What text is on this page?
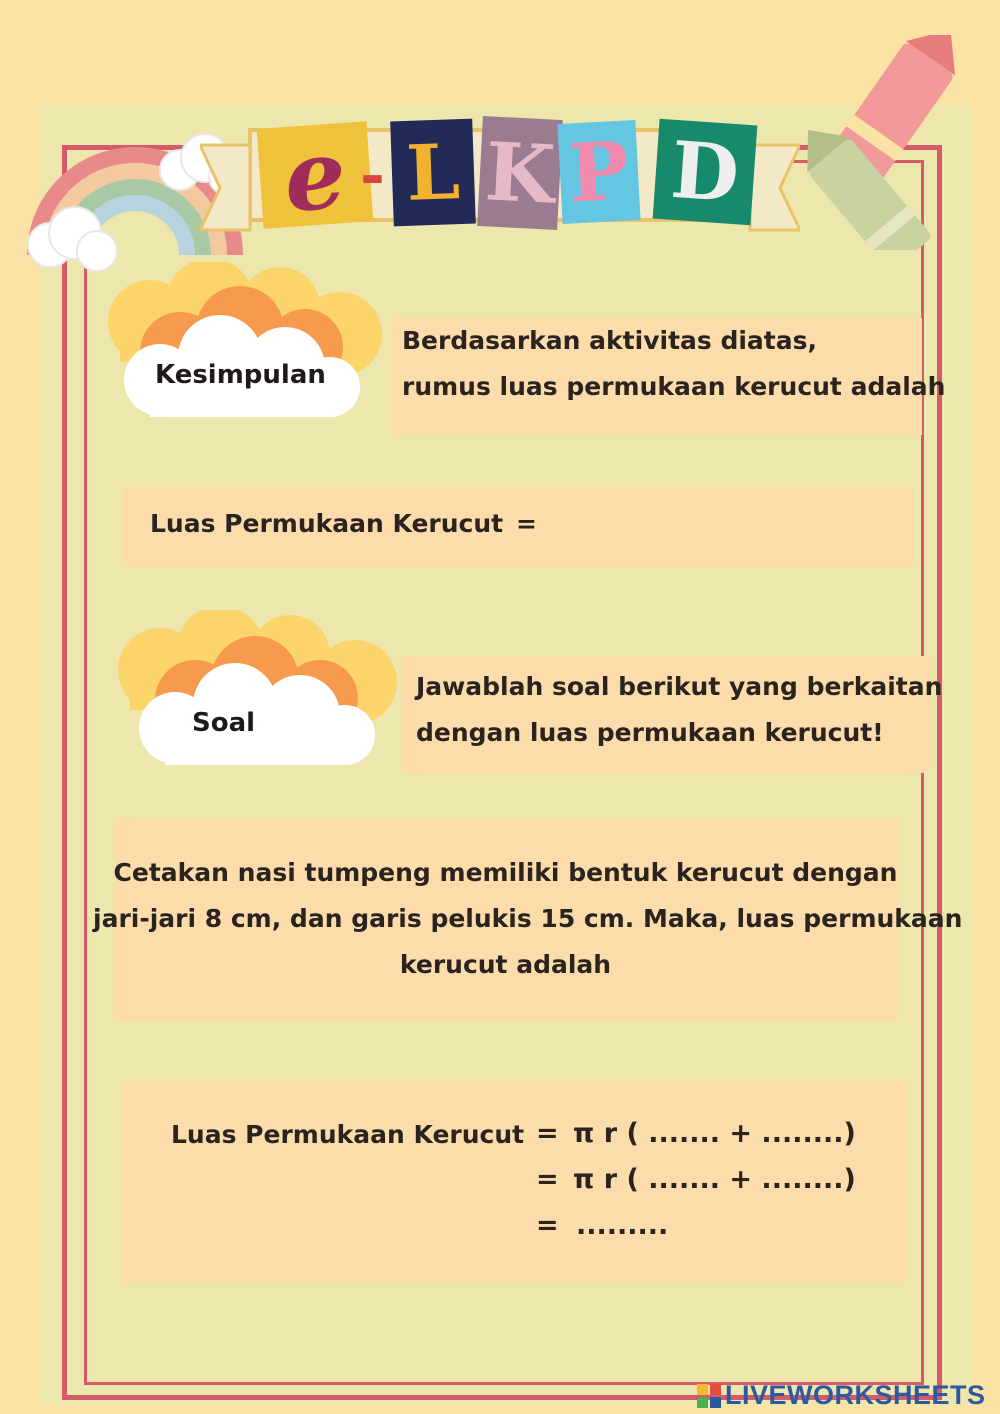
e - L K P D
Kesimpulan
Berdasarkan aktivitas diatas,
rumus luas permukaan kerucut adalah
Luas Permukaan Kerucut =
Soal
Jawablah soal berikut yang berkaitan
dengan luas permukaan kerucut!
Cetakan nasi tumpeng memiliki bentuk kerucut dengan
jari-jari 8 cm, dan garis pelukis 15 cm. Maka, luas permukaan
kerucut adalah
Luas Permukaan Kerucut = π r ( ....... + ........)
= π r ( ....... + ........)
= .........
LIVEWORKSHEETS
